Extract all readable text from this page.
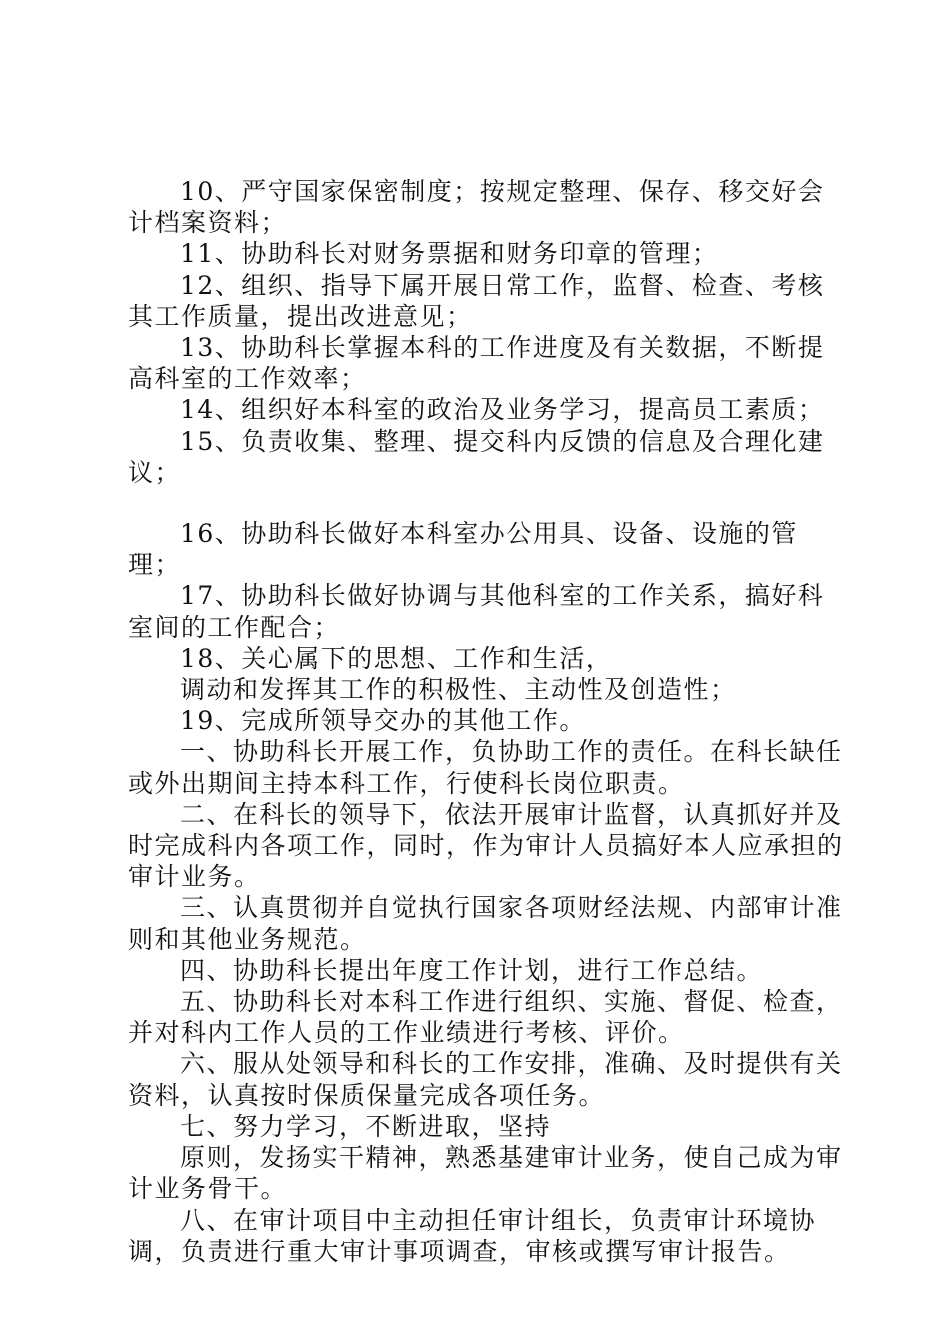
10、严守国家保密制度；按规定整理、保存、移交好会计档案资料；

11、协助科长对财务票据和财务印章的管理；

12、组织、指导下属开展日常工作，监督、检查、考核其工作质量，提出改进意见；

13、协助科长掌握本科的工作进度及有关数据，不断提高科室的工作效率；

14、组织好本科室的政治及业务学习，提高员工素质；

15、负责收集、整理、提交科内反馈的信息及合理化建议；

16、协助科长做好本科室办公用具、设备、设施的管理；

17、协助科长做好协调与其他科室的工作关系，搞好科室间的工作配合；

18、关心属下的思想、工作和生活，

调动和发挥其工作的积极性、主动性及创造性；

19、完成所领导交办的其他工作。

一、协助科长开展工作，负协助工作的责任。在科长缺任或外出期间主持本科工作，行使科长岗位职责。

二、在科长的领导下，依法开展审计监督，认真抓好并及时完成科内各项工作，同时，作为审计人员搞好本人应承担的审计业务。

三、认真贯彻并自觉执行国家各项财经法规、内部审计准则和其他业务规范。

四、协助科长提出年度工作计划，进行工作总结。

五、协助科长对本科工作进行组织、实施、督促、检查，并对科内工作人员的工作业绩进行考核、评价。

六、服从处领导和科长的工作安排，准确、及时提供有关资料，认真按时保质保量完成各项任务。

七、努力学习，不断进取，坚持

原则，发扬实干精神，熟悉基建审计业务，使自己成为审计业务骨干。

八、在审计项目中主动担任审计组长，负责审计环境协调，负责进行重大审计事项调查，审核或撰写审计报告。
